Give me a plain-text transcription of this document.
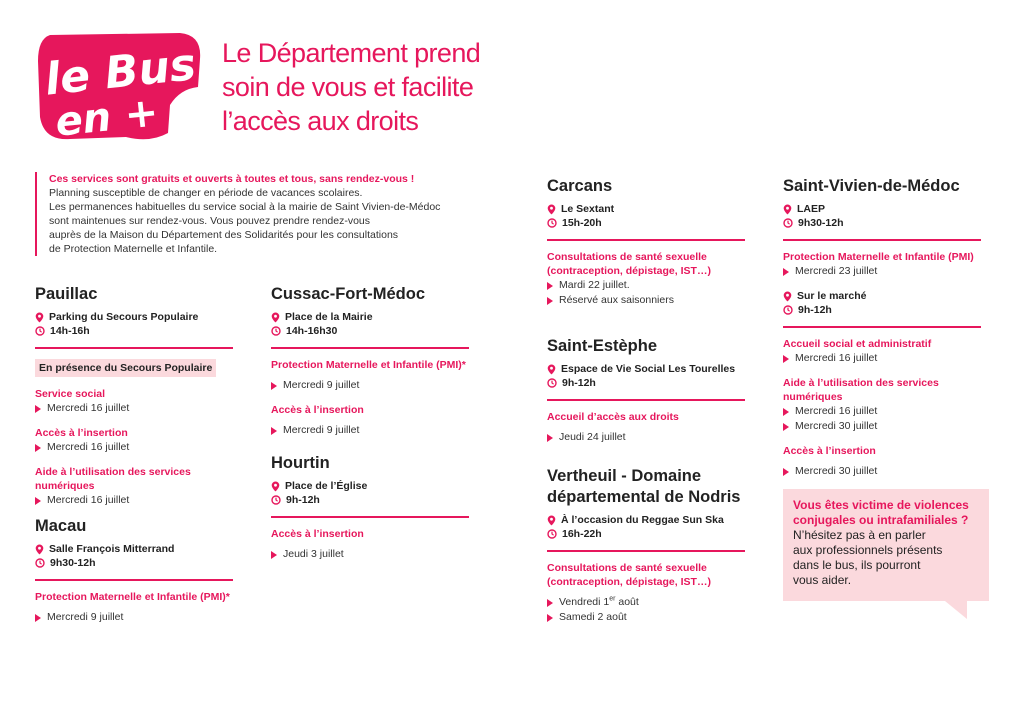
le Bus
en +
Le Département prend
soin de vous et facilite
l’accès aux droits
Ces services sont gratuits et ouverts à toutes et tous, sans rendez-vous !
Planning susceptible de changer en période de vacances scolaires.
Les permanences habituelles du service social à la mairie de Saint Vivien-de-Médoc
sont maintenues sur rendez-vous. Vous pouvez prendre rendez-vous
auprès de la Maison du Département des Solidarités pour les consultations
de Protection Maternelle et Infantile.
Pauillac
Parking du Secours Populaire
14h-16h
En présence du Secours Populaire
Service social
Mercredi 16 juillet
Accès à l’insertion
Mercredi 16 juillet
Aide à l’utilisation des services
numériques
Mercredi 16 juillet
Macau
Salle François Mitterrand
9h30-12h
Protection Maternelle et Infantile (PMI)*
Mercredi 9 juillet
Cussac-Fort-Médoc
Place de la Mairie
14h-16h30
Protection Maternelle et Infantile (PMI)*
Mercredi 9 juillet
Accès à l’insertion
Mercredi 9 juillet
Hourtin
Place de l’Église
9h-12h
Accès à l’insertion
Jeudi 3 juillet
Carcans
Le Sextant
15h-20h
Consultations de santé sexuelle
(contraception, dépistage, IST…)
Mardi 22 juillet.
Réservé aux saisonniers
Saint-Estèphe
Espace de Vie Social Les Tourelles
9h-12h
Accueil d’accès aux droits
Jeudi 24 juillet
Vertheuil - Domaine
départemental de Nodris
À l’occasion du Reggae Sun Ska
16h-22h
Consultations de santé sexuelle
(contraception, dépistage, IST…)
Vendredi 1er août
Samedi 2 août
Saint-Vivien-de-Médoc
LAEP
9h30-12h
Protection Maternelle et Infantile (PMI)
Mercredi 23 juillet
Sur le marché
9h-12h
Accueil social et administratif
Mercredi 16 juillet
Aide à l’utilisation des services
numériques
Mercredi 16 juillet
Mercredi 30 juillet
Accès à l’insertion
Mercredi 30 juillet
Vous êtes victime de violences
conjugales ou intrafamiliales ?
N’hésitez pas à en parler
aux professionnels présents
dans le bus, ils pourront
vous aider.
